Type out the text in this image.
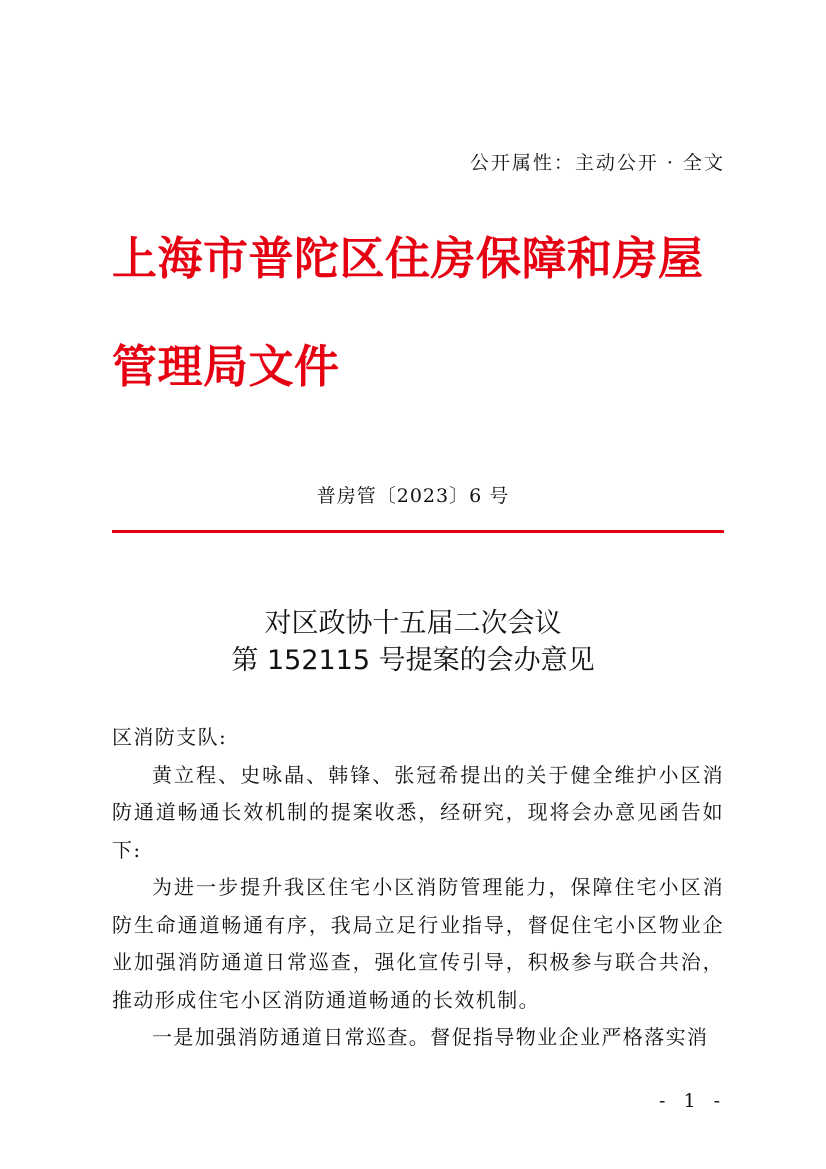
公开属性：主动公开 · 全文
上海市普陀区住房保障和房屋管理局文件
普房管〔2023〕6 号
对区政协十五届二次会议
第 152115 号提案的会办意见

区消防支队:

黄立程、史咏晶、韩锋、张冠希提出的关于健全维护小区消防通道畅通长效机制的提案收悉，经研究，现将会办意见函告如下:

为进一步提升我区住宅小区消防管理能力，保障住宅小区消防生命通道畅通有序，我局立足行业指导，督促住宅小区物业企业加强消防通道日常巡查，强化宣传引导，积极参与联合共治，推动形成住宅小区消防通道畅通的长效机制。

一是加强消防通道日常巡查。督促指导物业企业严格落实消

- 1 -
